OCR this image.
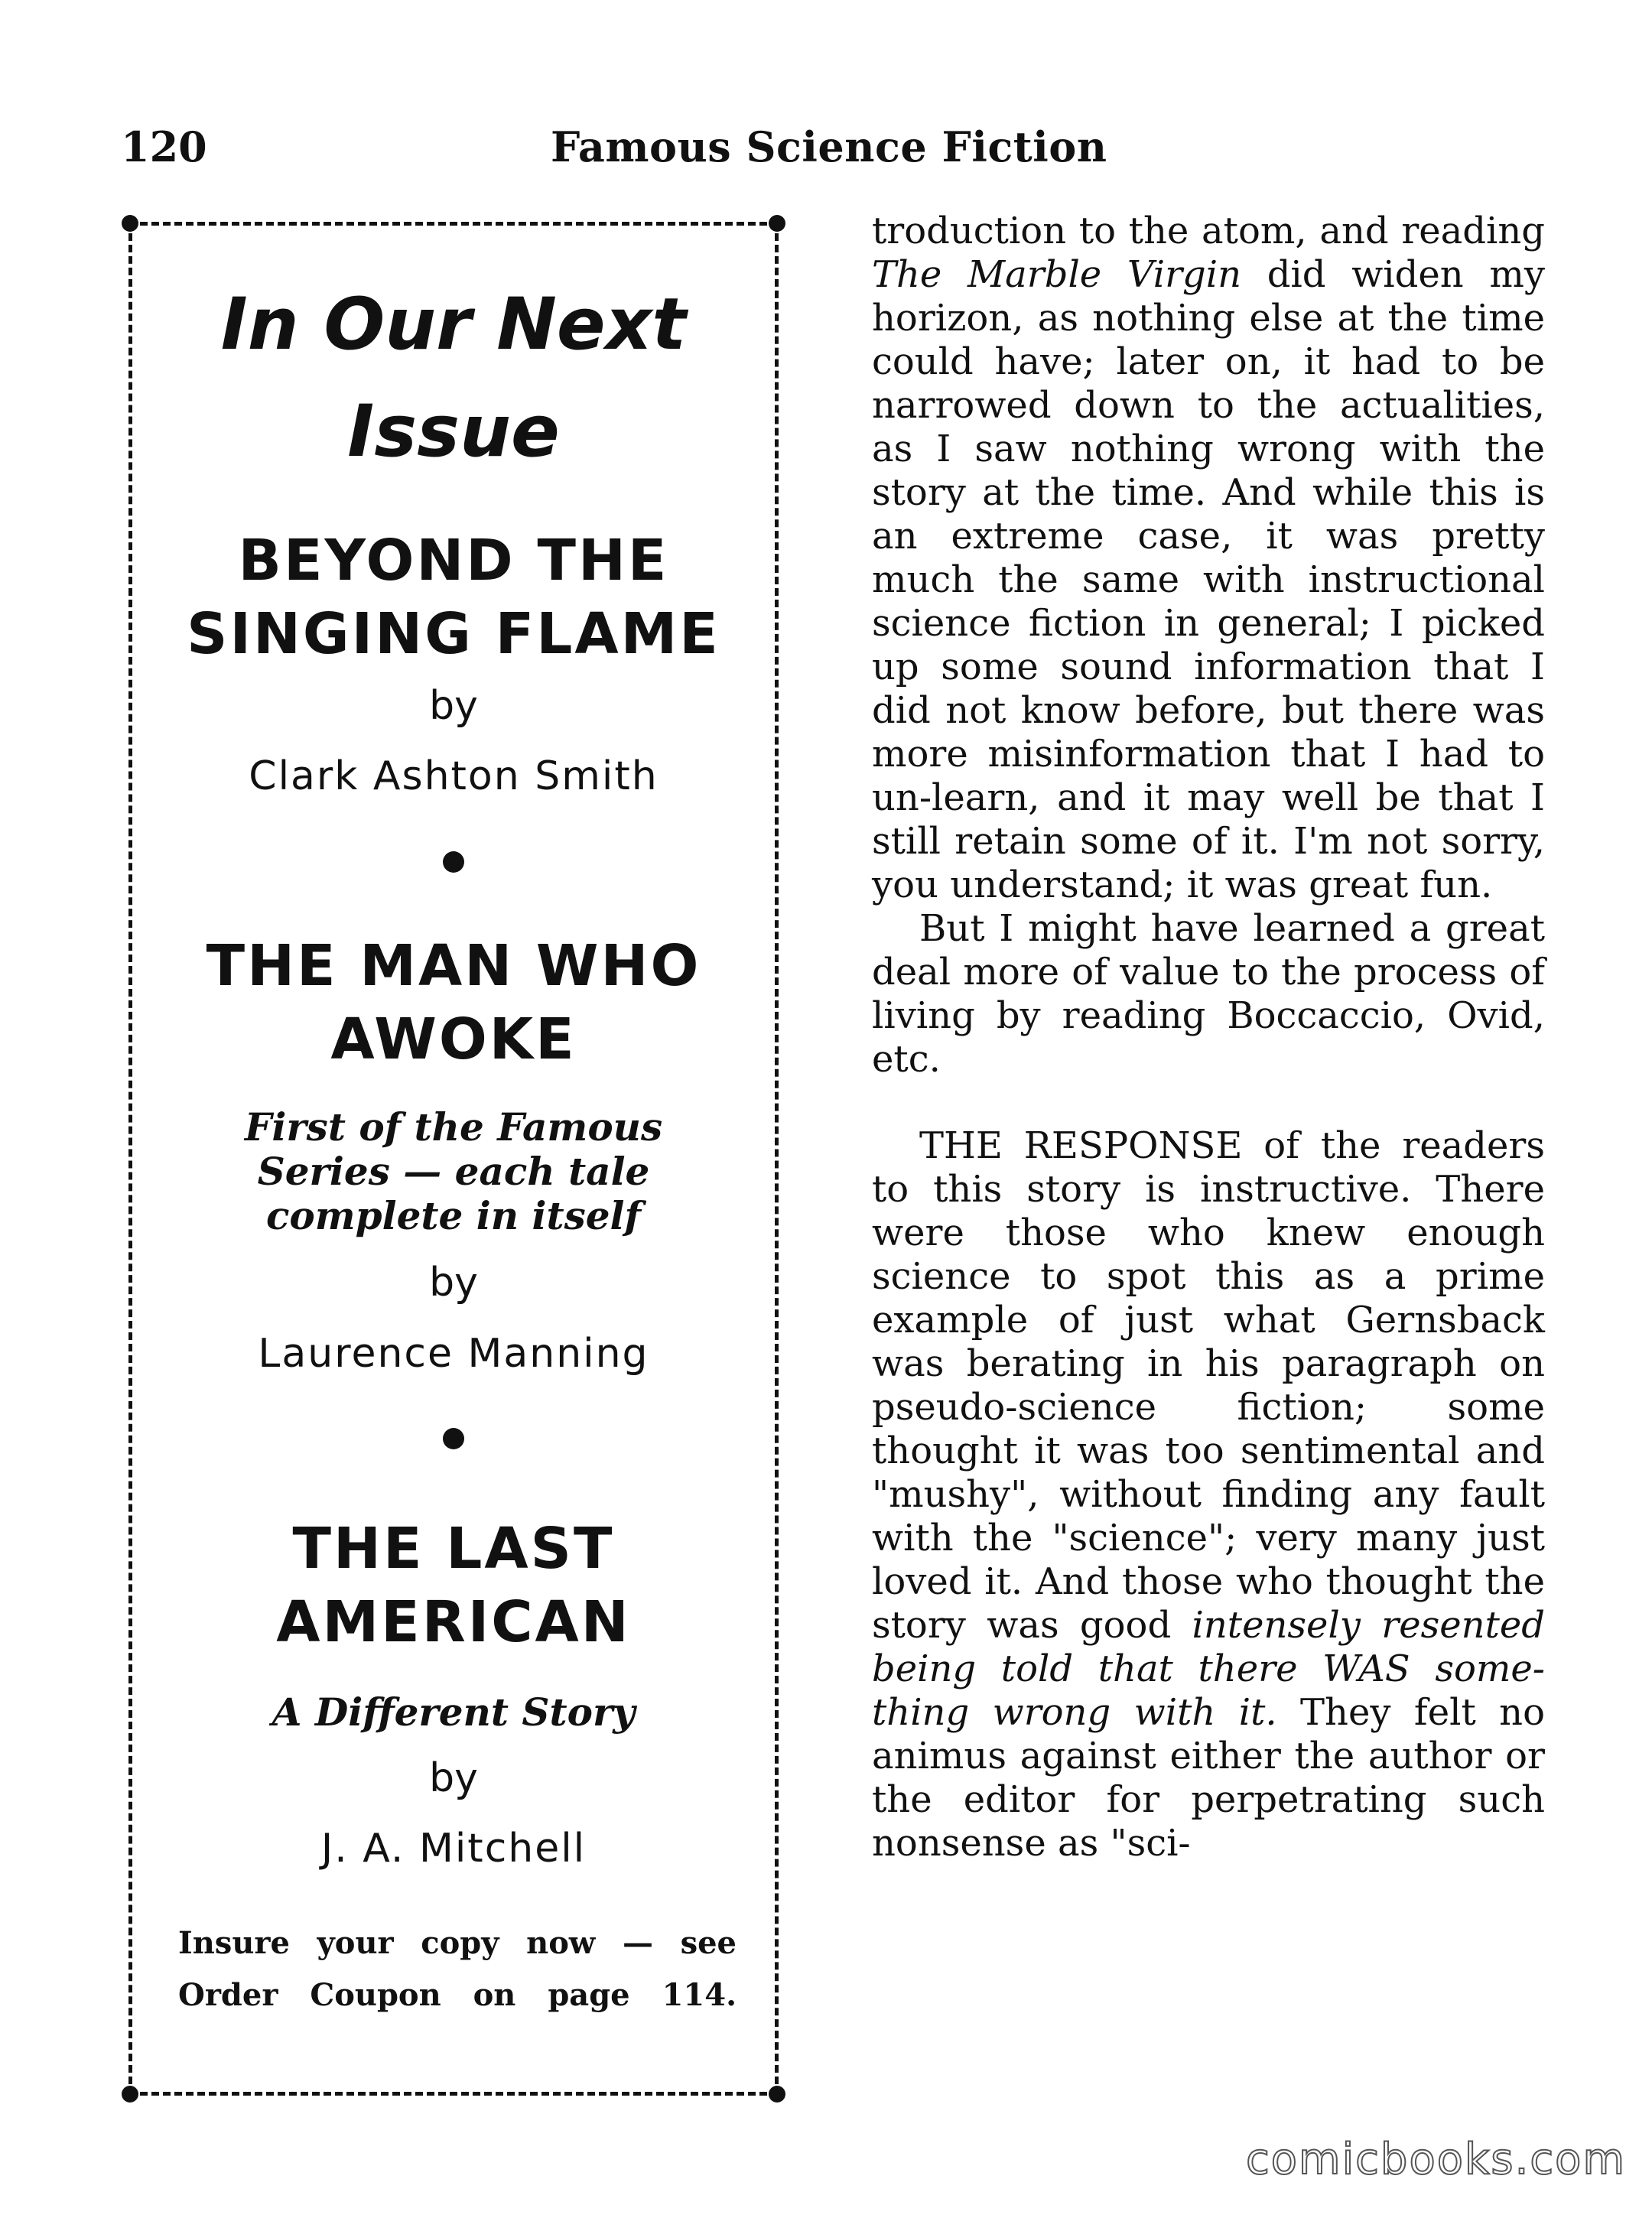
120	Famous Science Fiction
In Our Next
Issue
BEYOND THE
SINGING FLAME
by
Clark Ashton Smith
THE MAN WHO
AWOKE
First of the Famous
Series — each tale
complete in itself
by
Laurence Manning
THE LAST
AMERICAN
A Different Story
by
J. A. Mitchell
Insure your copy now — see
Order Coupon on page 114.

troduction to the atom, and reading The Marble Virgin did widen my horizon, as nothing else at the time could have; later on, it had to be narrowed down to the actualities, as I saw nothing wrong with the story at the time. And while this is an extreme case, it was pretty much the same with instructional science fiction in general; I picked up some sound information that I did not know before, but there was more misinformation that I had to un-learn, and it may well be that I still retain some of it. I'm not sorry, you understand; it was great fun.

But I might have learned a great deal more of value to the process of living by reading Boccaccio, Ovid, etc.

THE RESPONSE of the readers to this story is instructive. There were those who knew enough science to spot this as a prime example of just what Gernsback was berating in his paragraph on pseudo-science fiction; some thought it was too sentimental and "mushy", without finding any fault with the "science"; very many just loved it. And those who thought the story was good intensely resented being told that there WAS something wrong with it. They felt no animus against either the author or the editor for perpetrating such nonsense as "sci-

comicbooks.com
